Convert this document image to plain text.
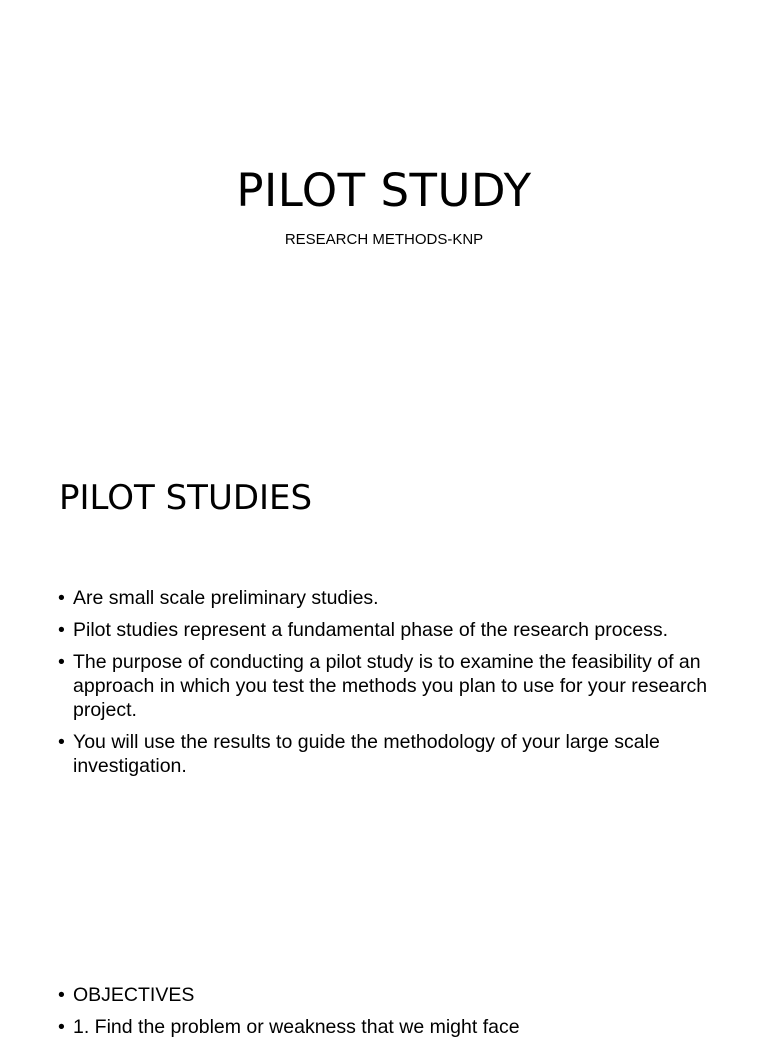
PILOT STUDY
RESEARCH METHODS-KNP
PILOT STUDIES
• Are small scale preliminary studies.
• Pilot studies represent a fundamental phase of the research process.
• The purpose of conducting a pilot study is to examine the feasibility of an approach in which you test the methods you plan to use for your research project.
• You will use the results to guide the methodology of your large scale investigation.
• OBJECTIVES
• 1. Find the problem or weakness that we might face
